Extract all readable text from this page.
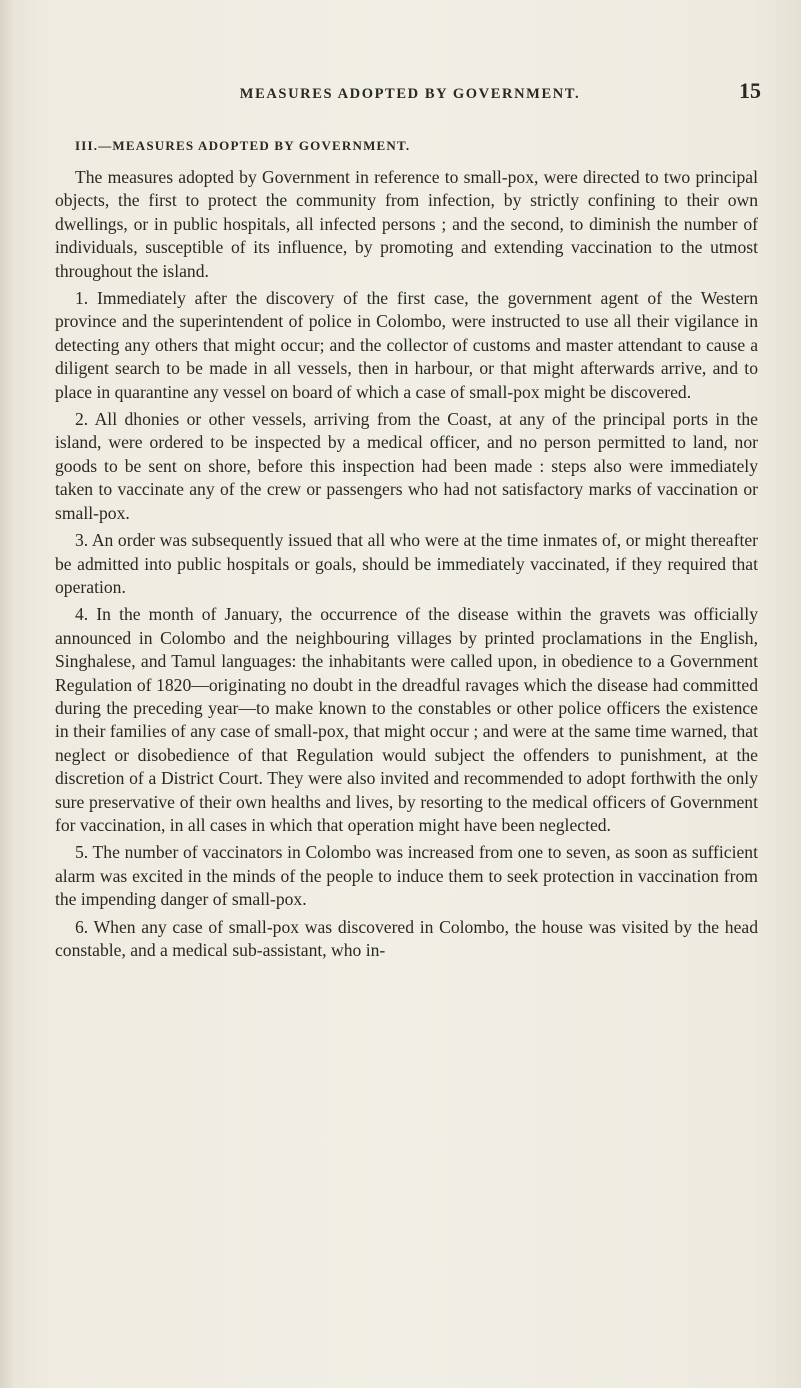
MEASURES ADOPTED BY GOVERNMENT.	15
III.—MEASURES ADOPTED BY GOVERNMENT.

The measures adopted by Government in reference to small-pox, were directed to two principal objects, the first to protect the community from infection, by strictly confining to their own dwellings, or in public hospitals, all infected persons ; and the second, to diminish the number of individuals, susceptible of its influence, by promoting and extending vaccination to the utmost throughout the island.

1. Immediately after the discovery of the first case, the government agent of the Western province and the superintendent of police in Colombo, were instructed to use all their vigilance in detecting any others that might occur; and the collector of customs and master attendant to cause a diligent search to be made in all vessels, then in harbour, or that might afterwards arrive, and to place in quarantine any vessel on board of which a case of small-pox might be discovered.

2. All dhonies or other vessels, arriving from the Coast, at any of the principal ports in the island, were ordered to be inspected by a medical officer, and no person permitted to land, nor goods to be sent on shore, before this inspection had been made : steps also were immediately taken to vaccinate any of the crew or passengers who had not satisfactory marks of vaccination or small-pox.

3. An order was subsequently issued that all who were at the time inmates of, or might thereafter be admitted into public hospitals or goals, should be immediately vaccinated, if they required that operation.

4. In the month of January, the occurrence of the disease within the gravets was officially announced in Colombo and the neighbouring villages by printed proclamations in the English, Singhalese, and Tamul languages: the inhabitants were called upon, in obedience to a Government Regulation of 1820—originating no doubt in the dreadful ravages which the disease had committed during the preceding year—to make known to the constables or other police officers the existence in their families of any case of small-pox, that might occur ; and were at the same time warned, that neglect or disobedience of that Regulation would subject the offenders to punishment, at the discretion of a District Court. They were also invited and recommended to adopt forthwith the only sure preservative of their own healths and lives, by resorting to the medical officers of Government for vaccination, in all cases in which that operation might have been neglected.

5. The number of vaccinators in Colombo was increased from one to seven, as soon as sufficient alarm was excited in the minds of the people to induce them to seek protection in vaccination from the impending danger of small-pox.

6. When any case of small-pox was discovered in Colombo, the house was visited by the head constable, and a medical sub-assistant, who in-
